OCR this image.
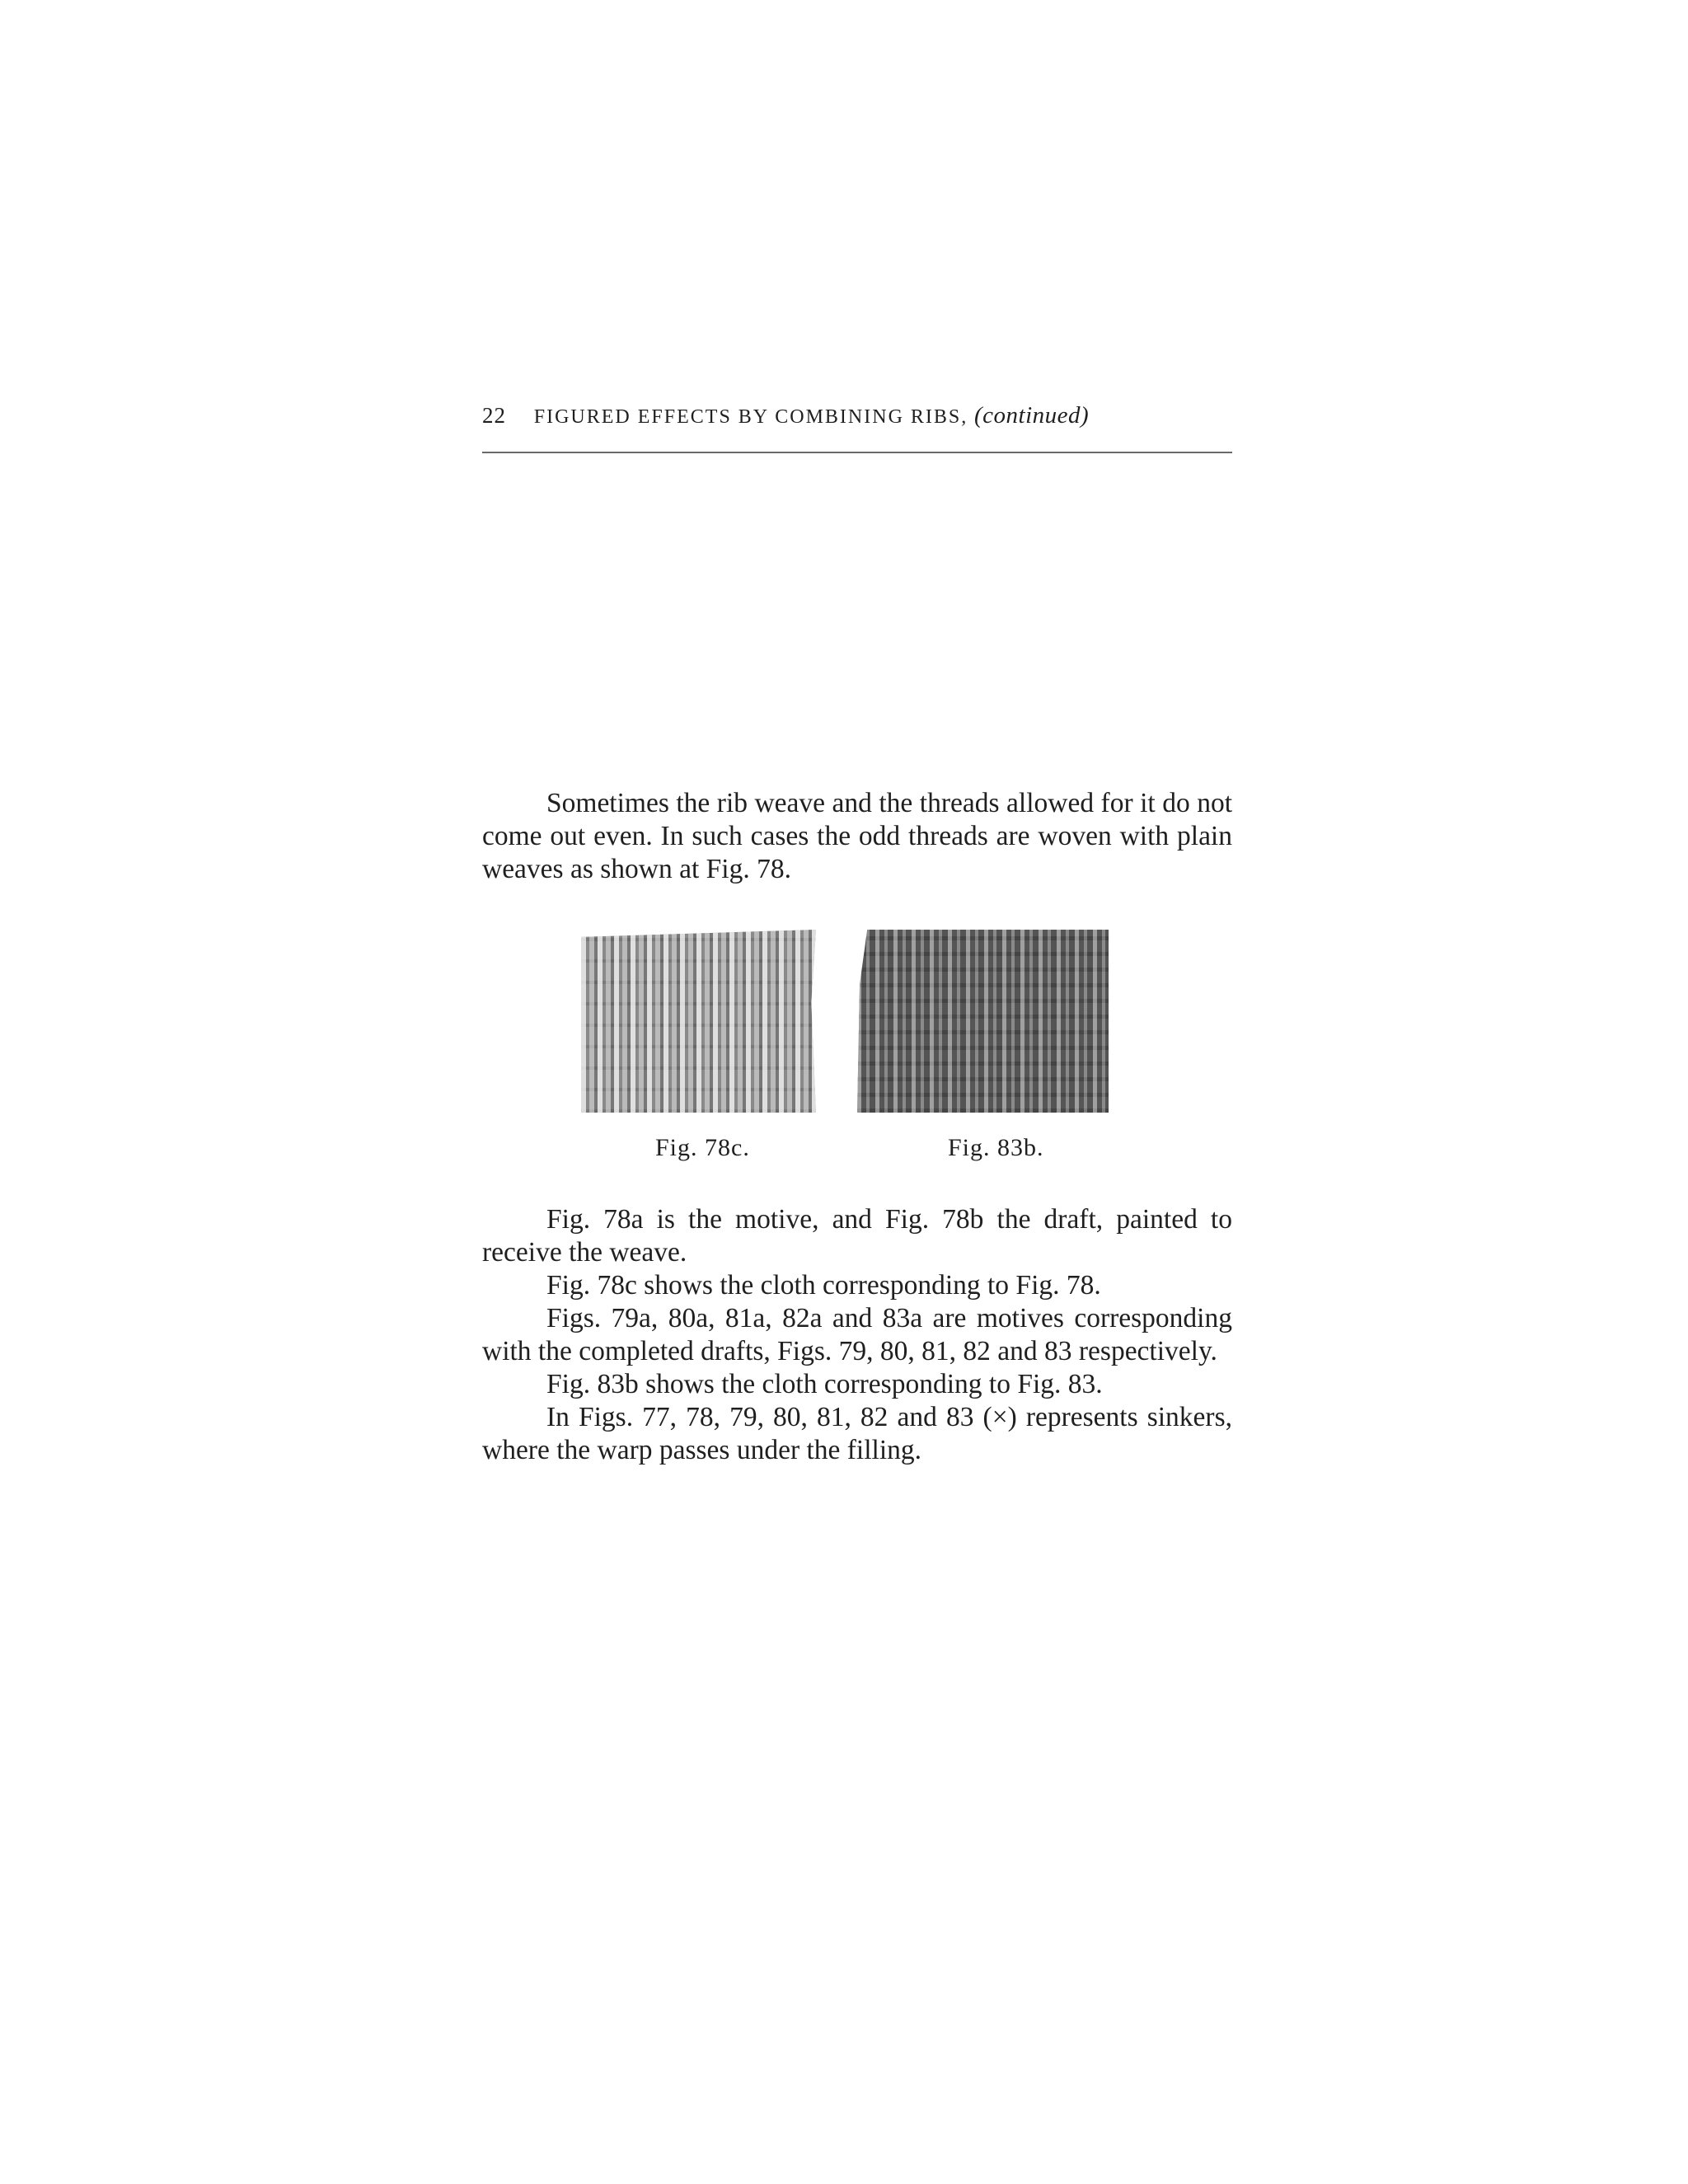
22 FIGURED EFFECTS BY COMBINING RIBS, (continued)

Sometimes the rib weave and the threads allowed for it do not come out even. In such cases the odd threads are woven with plain weaves as shown at Fig. 78.

Fig. 78c.	Fig. 83b.

Fig. 78a is the motive, and Fig. 78b the draft, painted to receive the weave.

Fig. 78c shows the cloth corresponding to Fig. 78.

Figs. 79a, 80a, 81a, 82a and 83a are motives corresponding with the completed drafts, Figs. 79, 80, 81, 82 and 83 respectively.

Fig. 83b shows the cloth corresponding to Fig. 83.

In Figs. 77, 78, 79, 80, 81, 82 and 83 (×) represents sinkers, where the warp passes under the filling.
